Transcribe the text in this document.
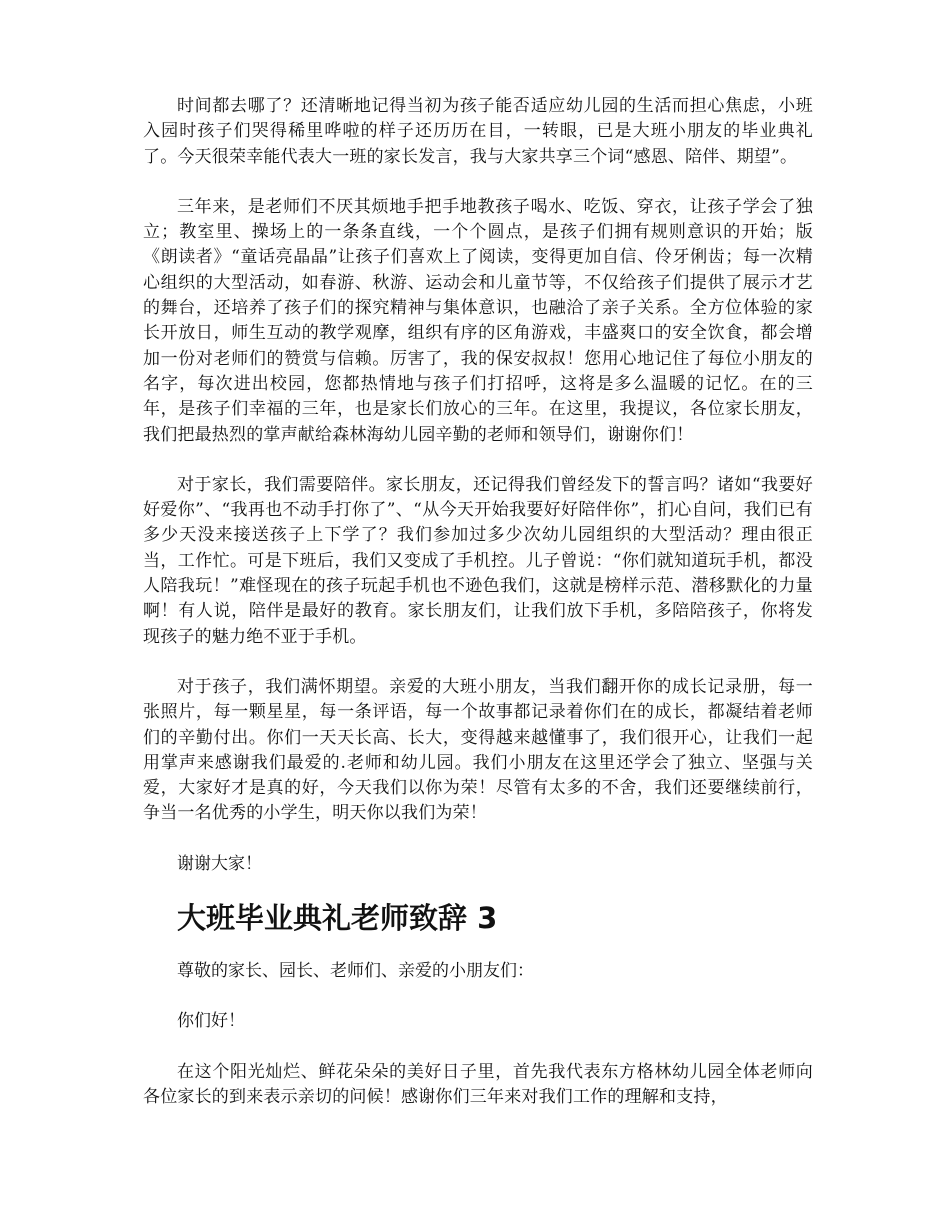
时间都去哪了？还清晰地记得当初为孩子能否适应幼儿园的生活而担心焦虑，小班入园时孩子们哭得稀里哗啦的样子还历历在目，一转眼，已是大班小朋友的毕业典礼了。今天很荣幸能代表大一班的家长发言，我与大家共享三个词“感恩、陪伴、期望”。

三年来，是老师们不厌其烦地手把手地教孩子喝水、吃饭、穿衣，让孩子学会了独立；教室里、操场上的一条条直线，一个个圆点，是孩子们拥有规则意识的开始；版《朗读者》“童话亮晶晶”让孩子们喜欢上了阅读，变得更加自信、伶牙俐齿；每一次精心组织的大型活动，如春游、秋游、运动会和儿童节等，不仅给孩子们提供了展示才艺的舞台，还培养了孩子们的探究精神与集体意识，也融洽了亲子关系。全方位体验的家长开放日，师生互动的教学观摩，组织有序的区角游戏，丰盛爽口的安全饮食，都会增加一份对老师们的赞赏与信赖。厉害了，我的保安叔叔！您用心地记住了每位小朋友的名字，每次进出校园，您都热情地与孩子们打招呼，这将是多么温暖的记忆。在的三年，是孩子们幸福的三年，也是家长们放心的三年。在这里，我提议，各位家长朋友，我们把最热烈的掌声献给森林海幼儿园辛勤的老师和领导们，谢谢你们！

对于家长，我们需要陪伴。家长朋友，还记得我们曾经发下的誓言吗？诸如“我要好好爱你”、“我再也不动手打你了”、“从今天开始我要好好陪伴你”，扪心自问，我们已有多少天没来接送孩子上下学了？我们参加过多少次幼儿园组织的大型活动？理由很正当，工作忙。可是下班后，我们又变成了手机控。儿子曾说：“你们就知道玩手机，都没人陪我玩！”难怪现在的孩子玩起手机也不逊色我们，这就是榜样示范、潜移默化的力量啊！有人说，陪伴是最好的教育。家长朋友们，让我们放下手机，多陪陪孩子，你将发现孩子的魅力绝不亚于手机。

对于孩子，我们满怀期望。亲爱的大班小朋友，当我们翻开你的成长记录册，每一张照片，每一颗星星，每一条评语，每一个故事都记录着你们在的成长，都凝结着老师们的辛勤付出。你们一天天长高、长大，变得越来越懂事了，我们很开心，让我们一起用掌声来感谢我们最爱的.老师和幼儿园。我们小朋友在这里还学会了独立、坚强与关爱，大家好才是真的好，今天我们以你为荣！尽管有太多的不舍，我们还要继续前行，争当一名优秀的小学生，明天你以我们为荣！

谢谢大家！

大班毕业典礼老师致辞 3

尊敬的家长、园长、老师们、亲爱的小朋友们：

你们好！

在这个阳光灿烂、鲜花朵朵的美好日子里，首先我代表东方格林幼儿园全体老师向各位家长的到来表示亲切的问候！感谢你们三年来对我们工作的理解和支持，
